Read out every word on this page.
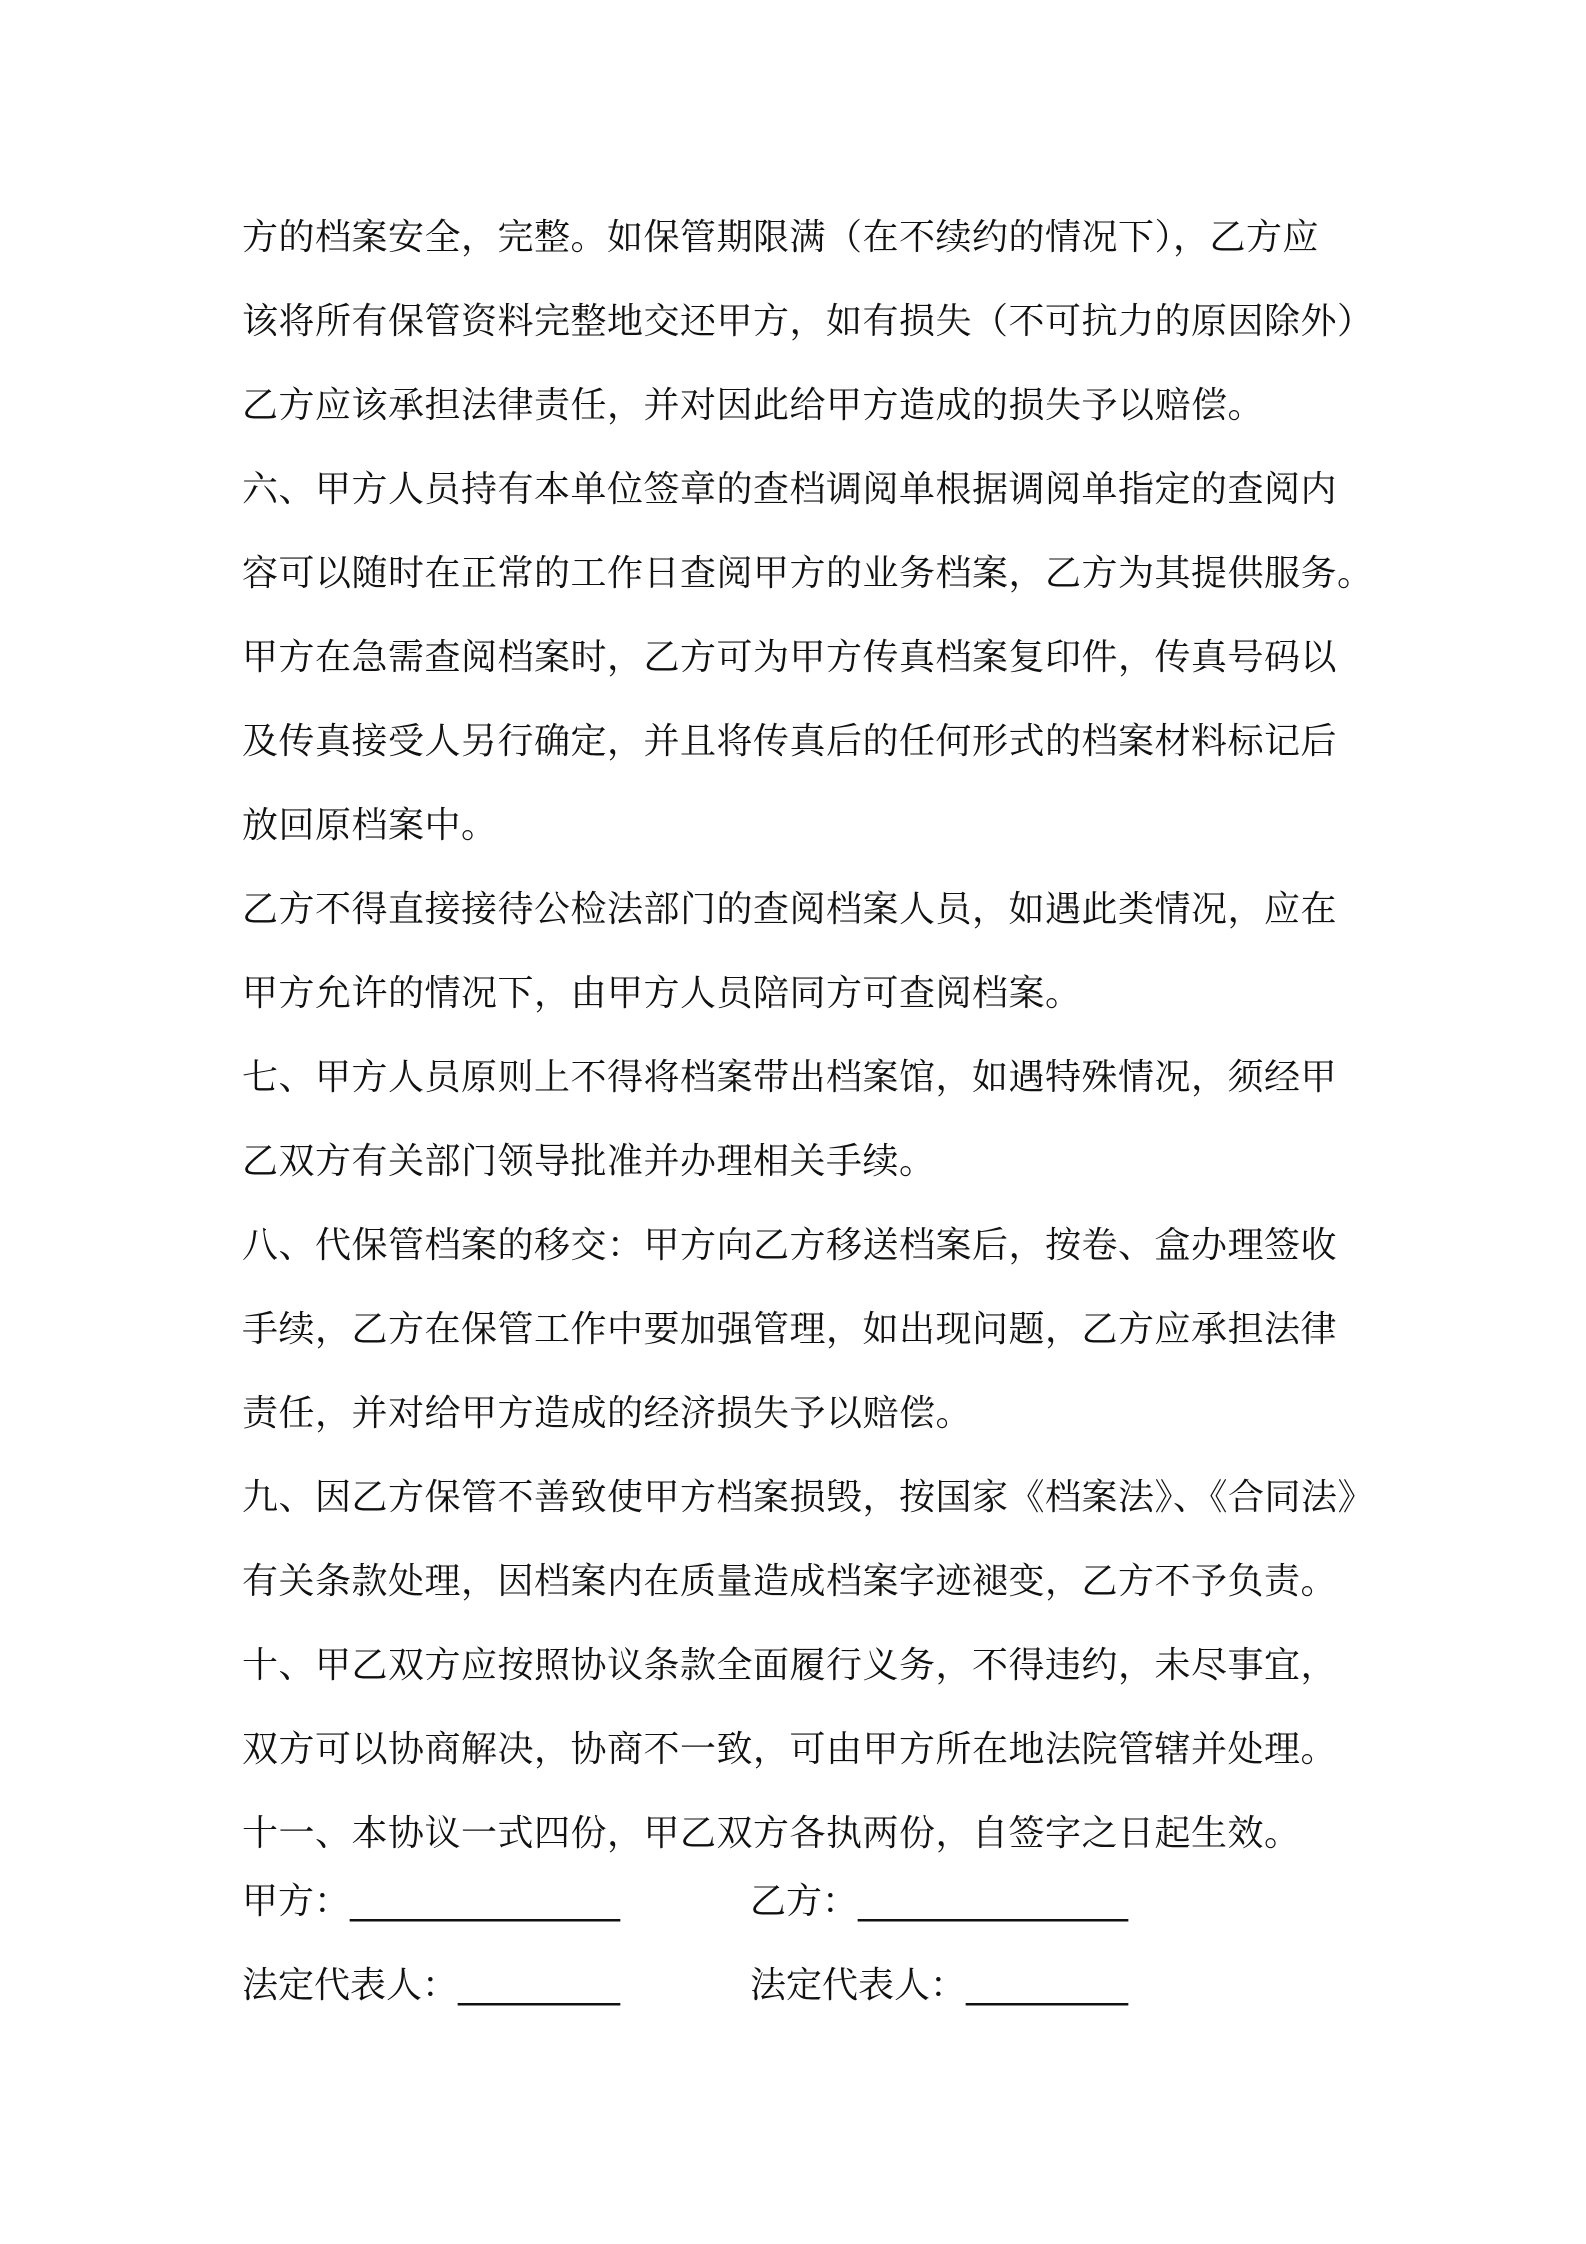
方的档案安全，完整。如保管期限满（在不续约的情况下），乙方应
该将所有保管资料完整地交还甲方，如有损失（不可抗力的原因除外）
乙方应该承担法律责任，并对因此给甲方造成的损失予以赔偿。
六、甲方人员持有本单位签章的查档调阅单根据调阅单指定的查阅内
容可以随时在正常的工作日查阅甲方的业务档案，乙方为其提供服务。
甲方在急需查阅档案时，乙方可为甲方传真档案复印件，传真号码以
及传真接受人另行确定，并且将传真后的任何形式的档案材料标记后
放回原档案中。
乙方不得直接接待公检法部门的查阅档案人员，如遇此类情况，应在
甲方允许的情况下，由甲方人员陪同方可查阅档案。
七、甲方人员原则上不得将档案带出档案馆，如遇特殊情况，须经甲
乙双方有关部门领导批准并办理相关手续。
八、代保管档案的移交：甲方向乙方移送档案后，按卷、盒办理签收
手续，乙方在保管工作中要加强管理，如出现问题，乙方应承担法律
责任，并对给甲方造成的经济损失予以赔偿。
九、因乙方保管不善致使甲方档案损毁，按国家《档案法》、《合同法》
有关条款处理，因档案内在质量造成档案字迹褪变，乙方不予负责。
十、甲乙双方应按照协议条款全面履行义务，不得违约，未尽事宜，
双方可以协商解决，协商不一致，可由甲方所在地法院管辖并处理。
十一、本协议一式四份，甲乙双方各执两份，自签字之日起生效。
甲方：_______________	乙方：_______________
法定代表人：_________	法定代表人：_________
